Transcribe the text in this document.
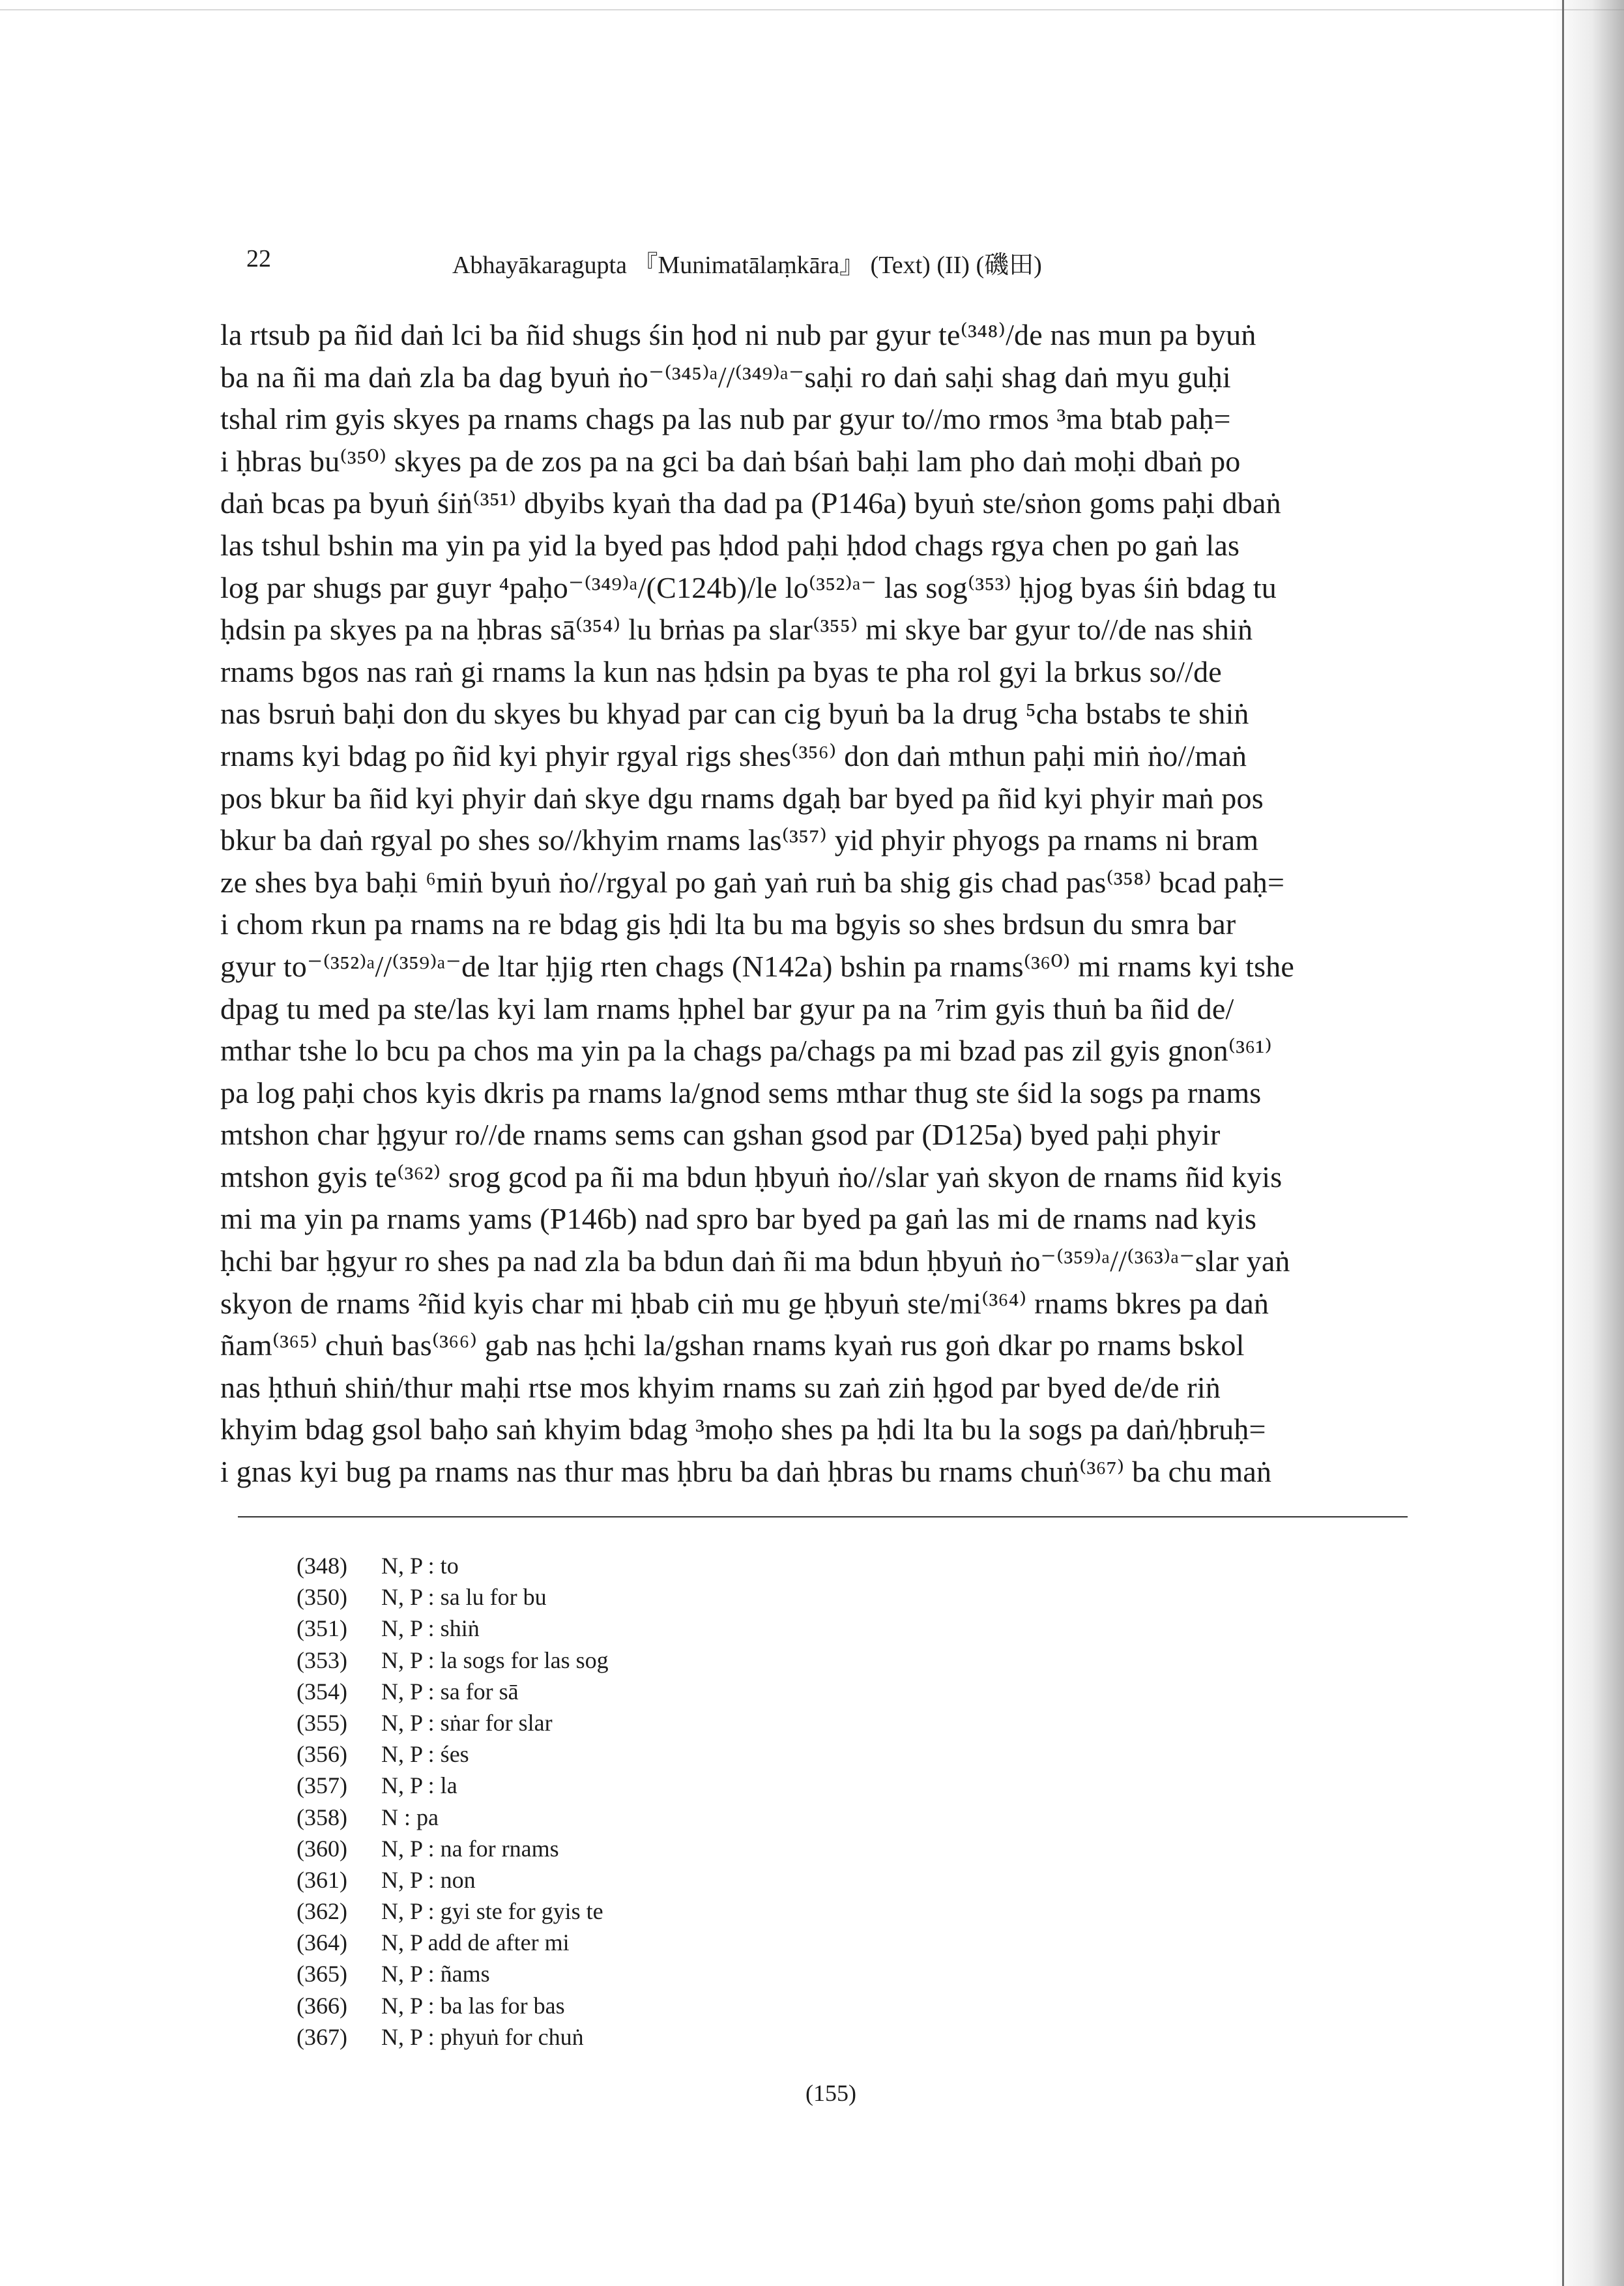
22	Abhayākaragupta 『Munimatālaṃkāra』 (Text) (II) (磯田)
la rtsub pa ñid daṅ lci ba ñid shugs śin ḥod ni nub par gyur te⁽³⁴⁸⁾/de nas mun pa byuṅ
ba na ñi ma daṅ zla ba dag byuṅ ṅo⁻⁽³⁴⁵⁾ᵃ//⁽³⁴⁹⁾ᵃ⁻saḥi ro daṅ saḥi shag daṅ myu guḥi
tshal rim gyis skyes pa rnams chags pa las nub par gyur to//mo rmos ³ma btab paḥ=
i ḥbras bu⁽³⁵⁰⁾ skyes pa de zos pa na gci ba daṅ bśaṅ baḥi lam pho daṅ moḥi dbaṅ po
daṅ bcas pa byuṅ śiṅ⁽³⁵¹⁾ dbyibs kyaṅ tha dad pa (P146a) byuṅ ste/sṅon goms paḥi dbaṅ
las tshul bshin ma yin pa yid la byed pas ḥdod paḥi ḥdod chags rgya chen po gaṅ las
log par shugs par guyr ⁴paḥo⁻⁽³⁴⁹⁾ᵃ/(C124b)/le lo⁽³⁵²⁾ᵃ⁻ las sog⁽³⁵³⁾ ḥjog byas śiṅ bdag tu
ḥdsin pa skyes pa na ḥbras sā⁽³⁵⁴⁾ lu brṅas pa slar⁽³⁵⁵⁾ mi skye bar gyur to//de nas shiṅ
rnams bgos nas raṅ gi rnams la kun nas ḥdsin pa byas te pha rol gyi la brkus so//de
nas bsruṅ baḥi don du skyes bu khyad par can cig byuṅ ba la drug ⁵cha bstabs te shiṅ
rnams kyi bdag po ñid kyi phyir rgyal rigs shes⁽³⁵⁶⁾ don daṅ mthun paḥi miṅ ṅo//maṅ
pos bkur ba ñid kyi phyir daṅ skye dgu rnams dgaḥ bar byed pa ñid kyi phyir maṅ pos
bkur ba daṅ rgyal po shes so//khyim rnams las⁽³⁵⁷⁾ yid phyir phyogs pa rnams ni bram
ze shes bya baḥi ⁶miṅ byuṅ ṅo//rgyal po gaṅ yaṅ ruṅ ba shig gis chad pas⁽³⁵⁸⁾ bcad paḥ=
i chom rkun pa rnams na re bdag gis ḥdi lta bu ma bgyis so shes brdsun du smra bar
gyur to⁻⁽³⁵²⁾ᵃ//⁽³⁵⁹⁾ᵃ⁻de ltar ḥjig rten chags (N142a) bshin pa rnams⁽³⁶⁰⁾ mi rnams kyi tshe
dpag tu med pa ste/las kyi lam rnams ḥphel bar gyur pa na ⁷rim gyis thuṅ ba ñid de/
mthar tshe lo bcu pa chos ma yin pa la chags pa/chags pa mi bzad pas zil gyis gnon⁽³⁶¹⁾
pa log paḥi chos kyis dkris pa rnams la/gnod sems mthar thug ste śid la sogs pa rnams
mtshon char ḥgyur ro//de rnams sems can gshan gsod par (D125a) byed paḥi phyir
mtshon gyis te⁽³⁶²⁾ srog gcod pa ñi ma bdun ḥbyuṅ ṅo//slar yaṅ skyon de rnams ñid kyis
mi ma yin pa rnams yams (P146b) nad spro bar byed pa gaṅ las mi de rnams nad kyis
ḥchi bar ḥgyur ro shes pa nad zla ba bdun daṅ ñi ma bdun ḥbyuṅ ṅo⁻⁽³⁵⁹⁾ᵃ//⁽³⁶³⁾ᵃ⁻slar yaṅ
skyon de rnams ²ñid kyis char mi ḥbab ciṅ mu ge ḥbyuṅ ste/mi⁽³⁶⁴⁾ rnams bkres pa daṅ
ñam⁽³⁶⁵⁾ chuṅ bas⁽³⁶⁶⁾ gab nas ḥchi la/gshan rnams kyaṅ rus goṅ dkar po rnams bskol
nas ḥthuṅ shiṅ/thur maḥi rtse mos khyim rnams su zaṅ ziṅ ḥgod par byed de/de riṅ
khyim bdag gsol baḥo saṅ khyim bdag ³moḥo shes pa ḥdi lta bu la sogs pa daṅ/ḥbruḥ=
i gnas kyi bug pa rnams nas thur mas ḥbru ba daṅ ḥbras bu rnams chuṅ⁽³⁶⁷⁾ ba chu maṅ
(348) N, P : to
(350) N, P : sa lu for bu
(351) N, P : shiṅ
(353) N, P : la sogs for las sog
(354) N, P : sa for sā
(355) N, P : sṅar for slar
(356) N, P : śes
(357) N, P : la
(358) N : pa
(360) N, P : na for rnams
(361) N, P : non
(362) N, P : gyi ste for gyis te
(364) N, P add de after mi
(365) N, P : ñams
(366) N, P : ba las for bas
(367) N, P : phyuṅ for chuṅ
(155)
